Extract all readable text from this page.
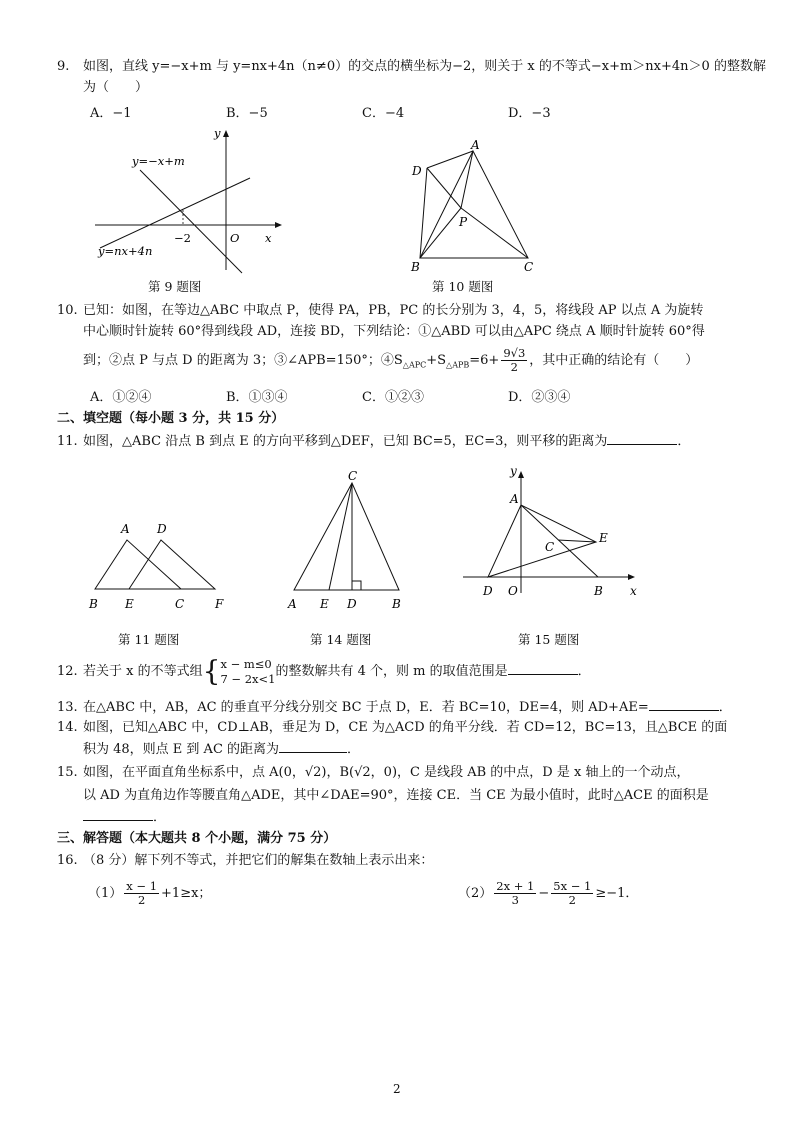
9. 如图，直线 y=−x+m 与 y=nx+4n（n≠0）的交点的横坐标为−2，则关于 x 的不等式−x+m＞nx+4n＞0 的整数解
为（　　）
A．−1	B．−5	C．−4	D．−3
y=−x+m
y=nx+4n
−2	O x
y
第 9 题图
A
D
P
B	C
第 10 题图
10. 已知：如图，在等边△ABC 中取点 P，使得 PA，PB，PC 的长分别为 3，4，5，将线段 AP 以点 A 为旋转
中心顺时针旋转 60°得到线段 AD，连接 BD，下列结论：①△ABD 可以由△APC 绕点 A 顺时针旋转 60°得
到；②点 P 与点 D 的距离为 3；③∠APB=150°；$④S_{\triangle APC}+S_{\triangle APB}=6+ \frac{9√3}{2}$ ，其中正确的结论有（　　）
A．①②④	B．①③④	C．①②③	D．②③④
二、填空题（每小题 3 分，共 15 分）
11. 如图，△ABC 沿点 B 到点 E 的方向平移到△DEF，已知 BC=5，EC=3，则平移的距离为	．
A D
B E	C	F
第 11 题图
C
A E D	B
第 14 题图
y
A
E
C
D O	B x
第 15 题图
12. 若关于 x 的不等式组{ x − m≤0
7 − 2x<1 的整数解共有 4 个，则 m 的取值范围是	．
13. 在△ABC 中，AB，AC 的垂直平分线分别交 BC 于点 D，E．若 BC=10，DE=4，则 AD+AE=	．
14. 如图，已知△ABC 中，CD⊥AB，垂足为 D，CE 为△ACD 的角平分线．若 CD=12，BC=13，且△BCE 的面
积为 48，则点 E 到 AC 的距离为	．
15. 如图，在平面直角坐标系中，点 A(0，√2)，B(√2，0)，C 是线段 AB 的中点，D 是 x 轴上的一个动点，
以 AD 为直角边作等腰直角△ADE，其中∠DAE=90°，连接 CE．当 CE 为最小值时，此时△ACE 的面积是
．
三、解答题（本大题共 8 个小题，满分 75 分）
16. （8 分）解下列不等式，并把它们的解集在数轴上表示出来：
$(1) \frac{x - 1}{2} +1\ge x$；	$(2) \frac{2x + 1}{3} - \frac{5x - 1}{2} \ge-1$．
2
